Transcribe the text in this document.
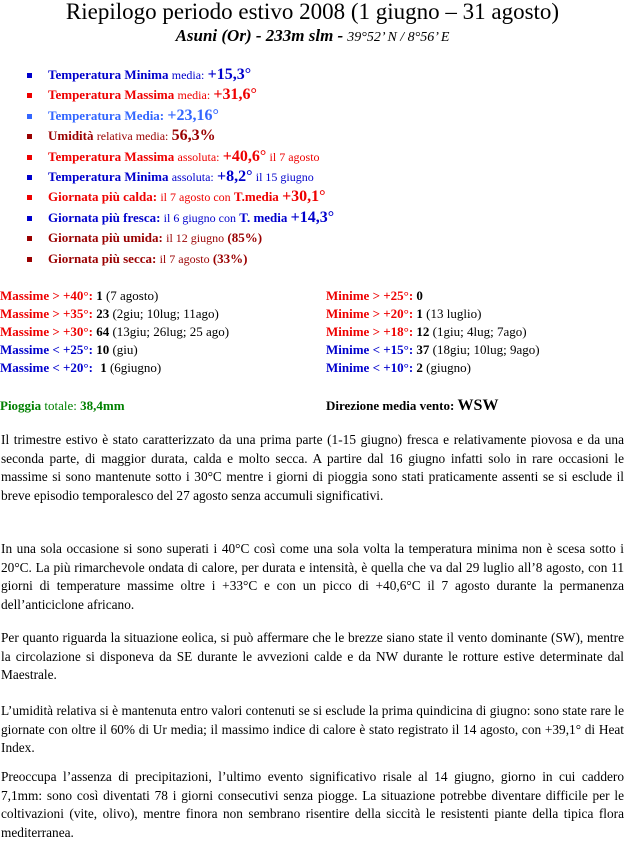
Riepilogo periodo estivo 2008 (1 giugno – 31 agosto)
Asuni (Or) - 233m slm - 39°52’ N / 8°56’ E
Temperatura Minima media: +15,3°
Temperatura Massima media: +31,6°
Temperatura Media: +23,16°
Umidità relativa media: 56,3%
Temperatura Massima assoluta: +40,6° il 7 agosto
Temperatura Minima assoluta: +8,2° il 15 giugno
Giornata più calda: il 7 agosto con T.media +30,1°
Giornata più fresca: il 6 giugno con T. media +14,3°
Giornata più umida: il 12 giugno (85%)
Giornata più secca: il 7 agosto (33%)
Massime > +40°: 1 (7 agosto)
Massime > +35°: 23 (2giu; 10lug; 11ago)
Massime > +30°: 64 (13giu; 26lug; 25 ago)
Massime < +25°: 10 (giu)
Massime < +20°: 1 (6giugno)
Minime > +25°: 0
Minime > +20°: 1 (13 luglio)
Minime > +18°: 12 (1giu; 4lug; 7ago)
Minime < +15°: 37 (18giu; 10lug; 9ago)
Minime < +10°: 2 (giugno)
Pioggia totale: 38,4mm	Direzione media vento: WSW

Il trimestre estivo è stato caratterizzato da una prima parte (1-15 giugno) fresca e relativamente piovosa e da una seconda parte, di maggior durata, calda e molto secca. A partire dal 16 giugno infatti solo in rare occasioni le massime si sono mantenute sotto i 30°C mentre i giorni di pioggia sono stati praticamente assenti se si esclude il breve episodio temporalesco del 27 agosto senza accumuli significativi.

In una sola occasione si sono superati i 40°C così come una sola volta la temperatura minima non è scesa sotto i 20°C. La più rimarchevole ondata di calore, per durata e intensità, è quella che va dal 29 luglio all’8 agosto, con 11 giorni di temperature massime oltre i +33°C e con un picco di +40,6°C il 7 agosto durante la permanenza dell’anticiclone africano.

Per quanto riguarda la situazione eolica, si può affermare che le brezze siano state il vento dominante (SW), mentre la circolazione si disponeva da SE durante le avvezioni calde e da NW durante le rotture estive determinate dal Maestrale.

L’umidità relativa si è mantenuta entro valori contenuti se si esclude la prima quindicina di giugno: sono state rare le giornate con oltre il 60% di Ur media; il massimo indice di calore è stato registrato il 14 agosto, con +39,1° di Heat Index.

Preoccupa l’assenza di precipitazioni, l’ultimo evento significativo risale al 14 giugno, giorno in cui caddero 7,1mm: sono così diventati 78 i giorni consecutivi senza piogge. La situazione potrebbe diventare difficile per le coltivazioni (vite, olivo), mentre finora non sembrano risentire della siccità le resistenti piante della tipica flora mediterranea.
